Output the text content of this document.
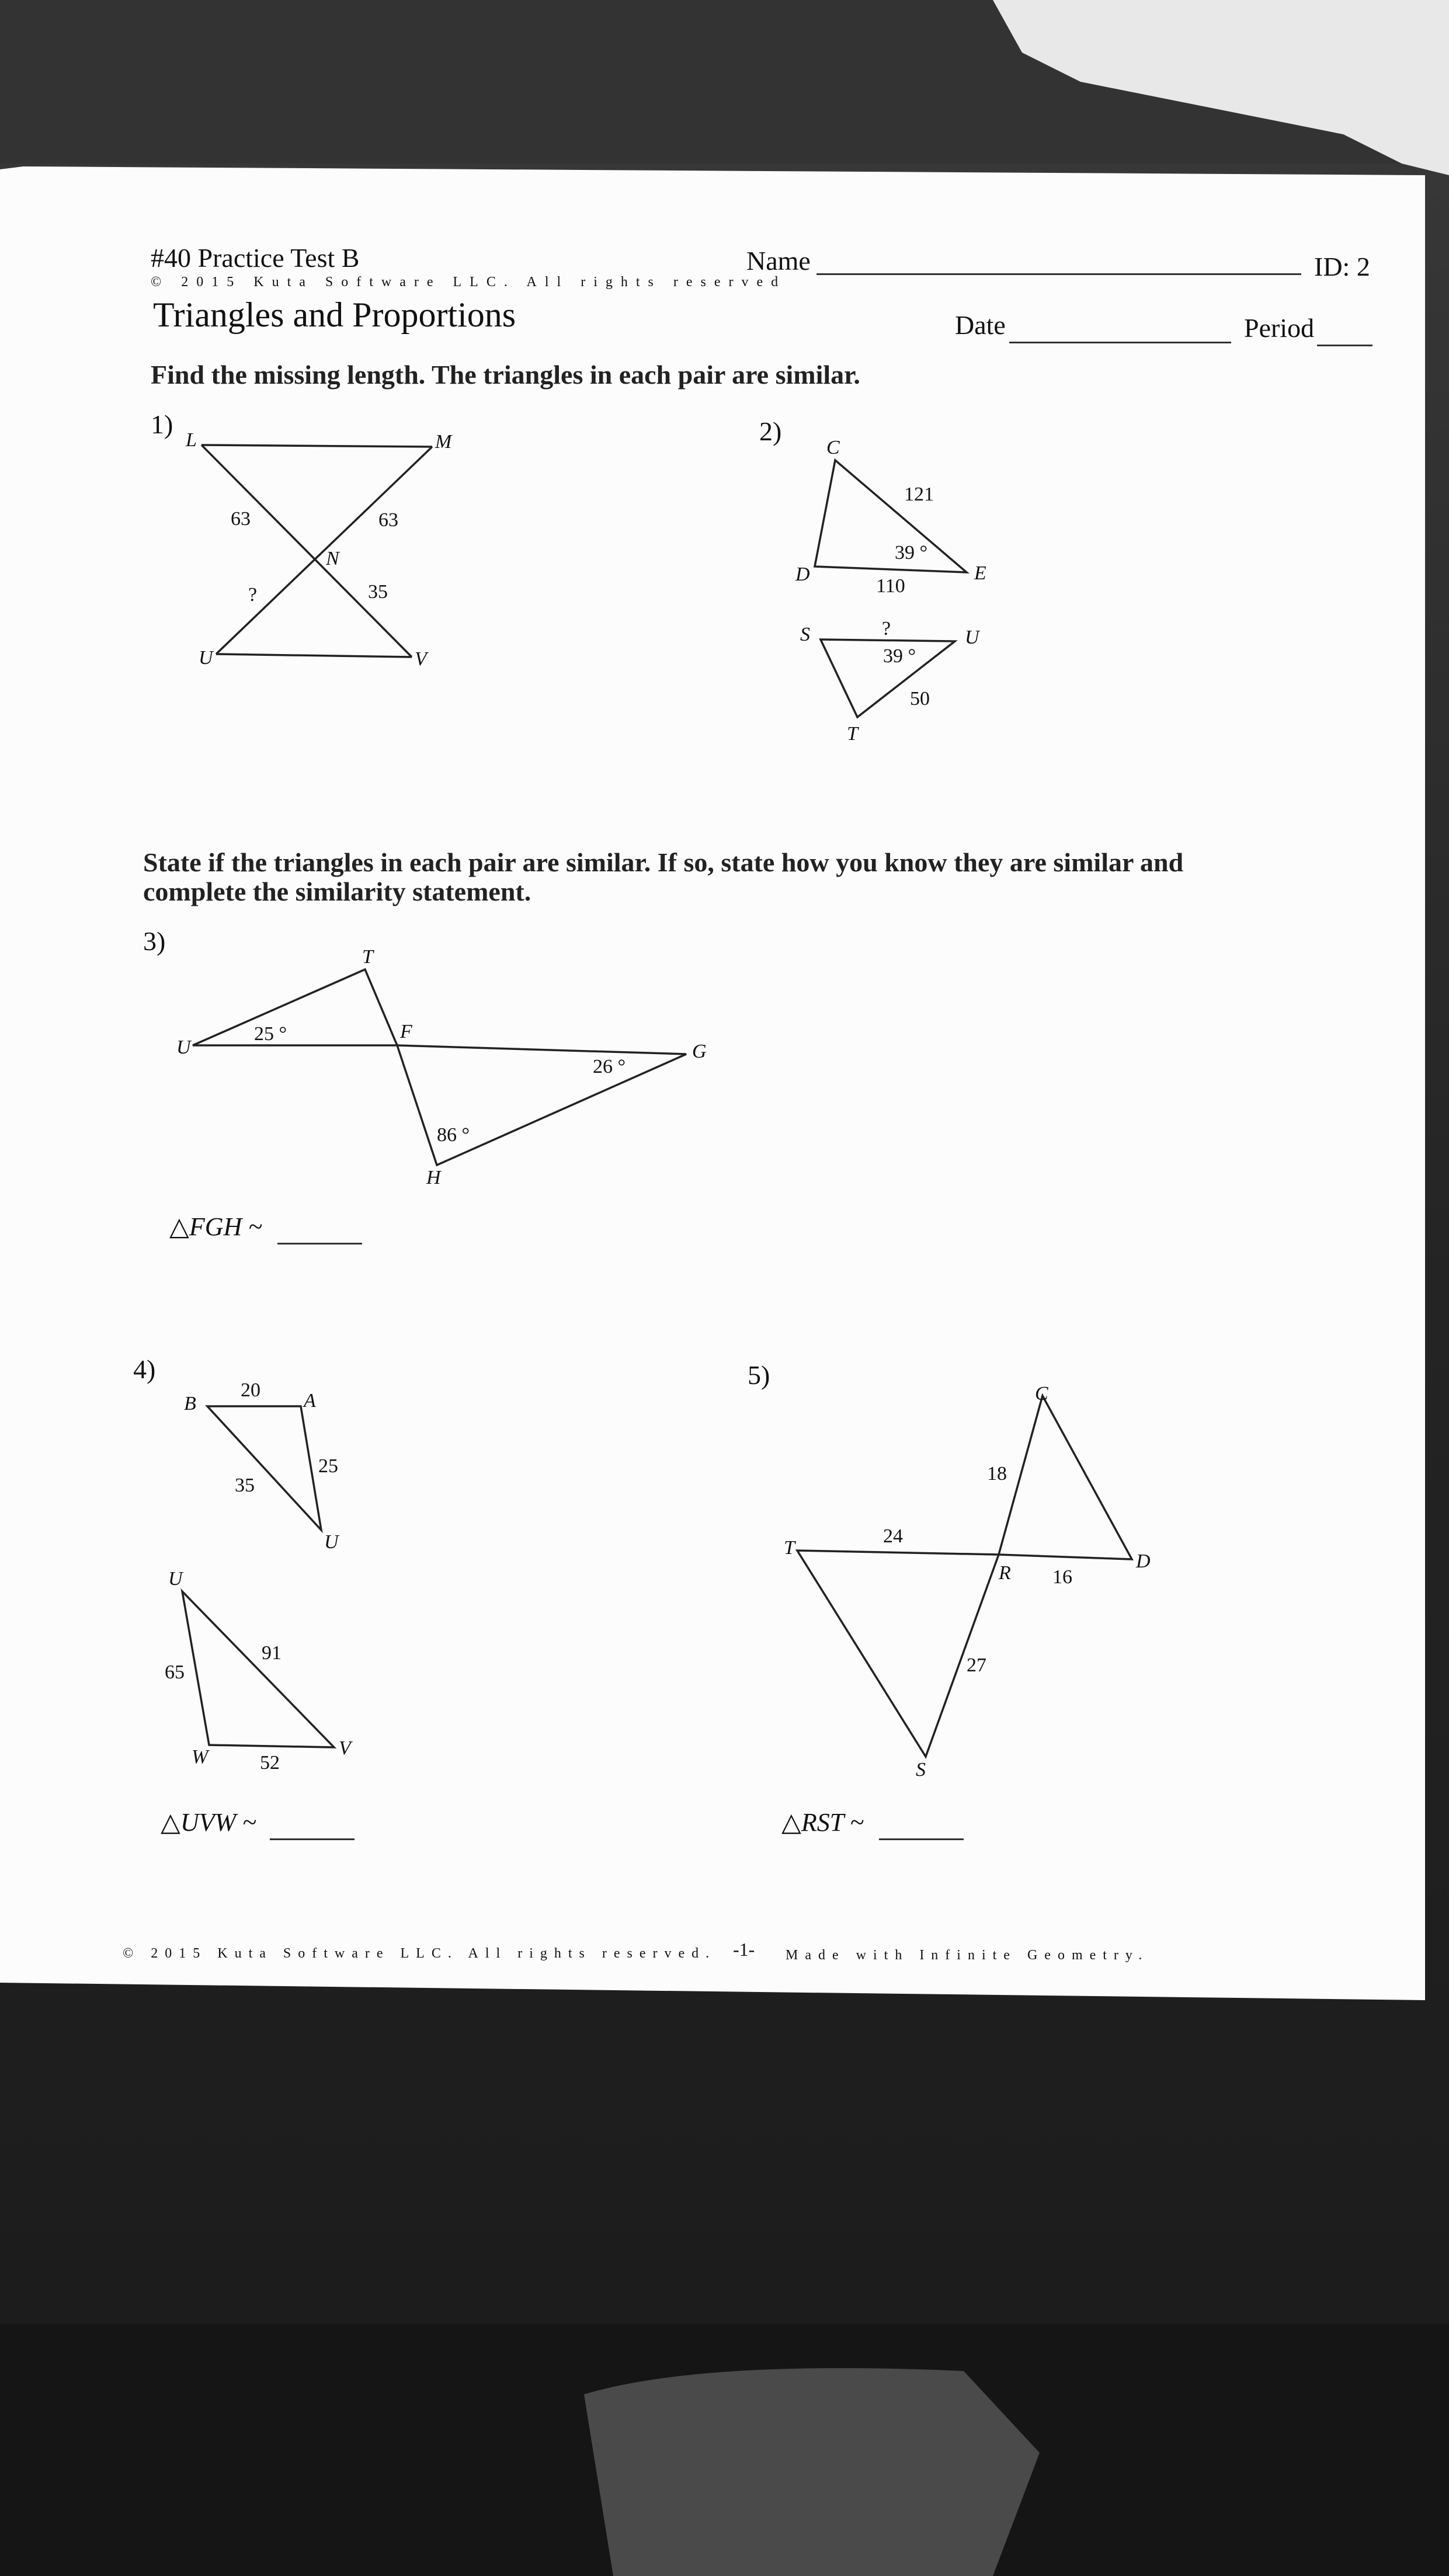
#40 Practice Test B
© 2015 Kuta Software LLC. All rights reserved
Triangles and Proportions
Name	ID: 2
Date	Period
Find the missing length. The triangles in each pair are similar.
1)
L	M
N
U	V
63	63
?	35
2)
C
D	E
121
39 °
110
S	U
T
?
39 °
50
State if the triangles in each pair are similar. If so, state how you know they are similar and
complete the similarity statement.
3)
T
U
F
G
H
25 °
26 °
86 °
△FGH ~
4)
B	A
U
20
25
35
U
W	V
91
65
52
△UVW ~
5)
C
T
R
D
S
18
24
16
27
△RST ~
© 2015 Kuta Software LLC. All rights reserved. -1- Made with Infinite Geometry.
